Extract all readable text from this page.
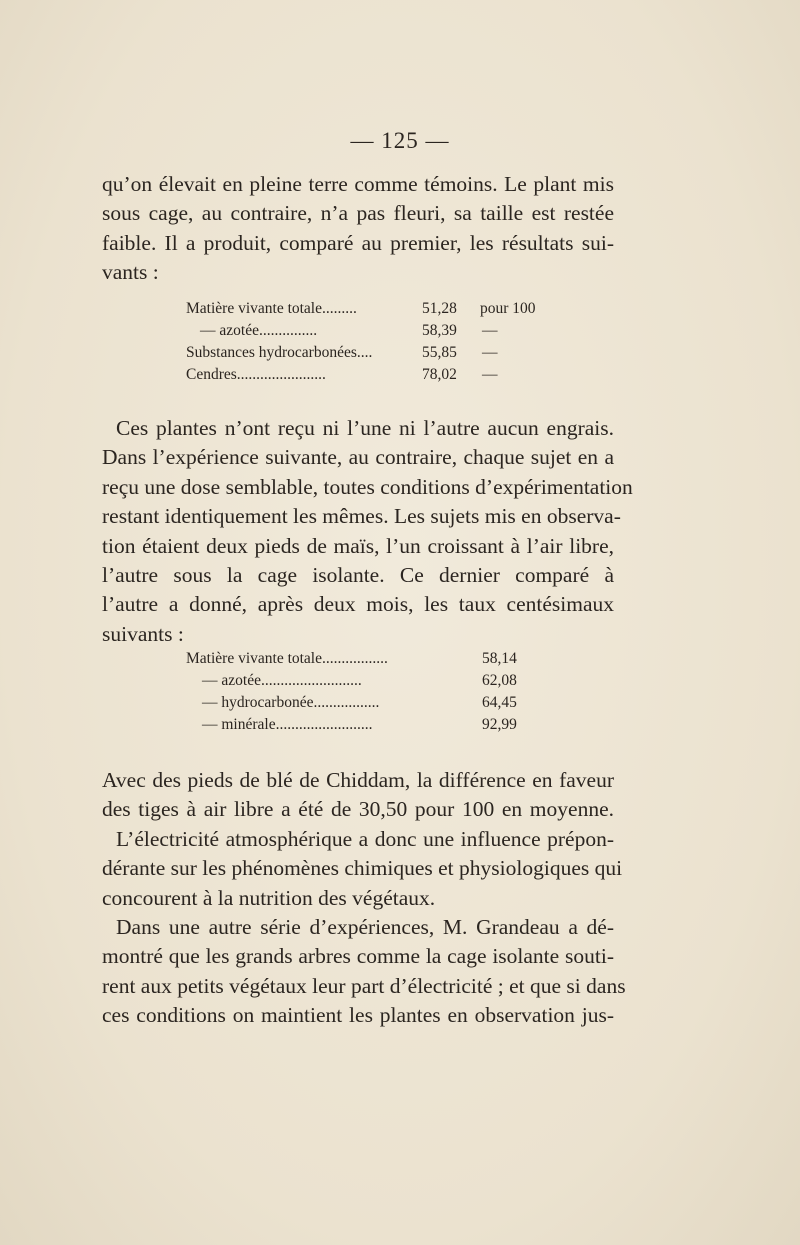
— 125 —
qu’on élevait en pleine terre comme témoins. Le plant mis
sous cage, au contraire, n’a pas fleuri, sa taille est restée
faible. Il a produit, comparé au premier, les résultats sui-
vants :
Matière vivante totale.........	51,28 pour 100
— azotée...............	58,39 —
Substances hydrocarbonées....	55,85 —
Cendres.......................	78,02 —
Ces plantes n’ont reçu ni l’une ni l’autre aucun engrais.
Dans l’expérience suivante, au contraire, chaque sujet en a
reçu une dose semblable, toutes conditions d’expérimentation
restant identiquement les mêmes. Les sujets mis en observa-
tion étaient deux pieds de maïs, l’un croissant à l’air libre,
l’autre sous la cage isolante. Ce dernier comparé à
l’autre a donné, après deux mois, les taux centésimaux
suivants :
Matière vivante totale.................	58,14
— azotée..........................	62,08
— hydrocarbonée.................	64,45
— minérale.........................	92,99
Avec des pieds de blé de Chiddam, la différence en faveur
des tiges à air libre a été de 30,50 pour 100 en moyenne.
L’électricité atmosphérique a donc une influence prépon-
dérante sur les phénomènes chimiques et physiologiques qui
concourent à la nutrition des végétaux.
Dans une autre série d’expériences, M. Grandeau a dé-
montré que les grands arbres comme la cage isolante souti-
rent aux petits végétaux leur part d’électricité ; et que si dans
ces conditions on maintient les plantes en observation jus-
